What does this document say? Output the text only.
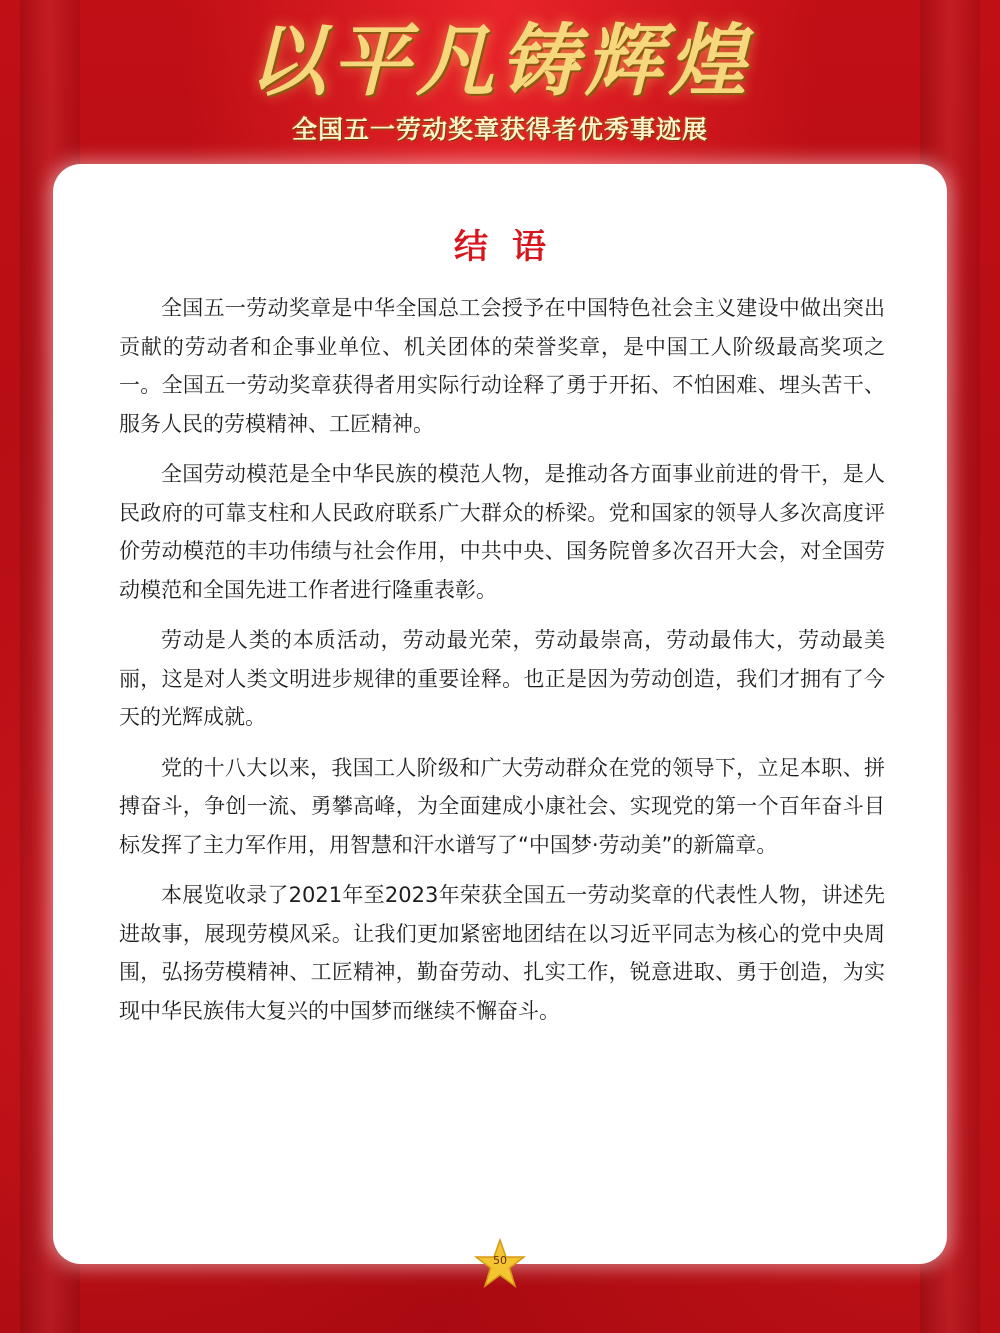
以平凡铸辉煌
全国五一劳动奖章获得者优秀事迹展
结语

全国五一劳动奖章是中华全国总工会授予在中国特色社会主义建设中做出突出贡献的劳动者和企事业单位、机关团体的荣誉奖章，是中国工人阶级最高奖项之一。全国五一劳动奖章获得者用实际行动诠释了勇于开拓、不怕困难、埋头苦干、服务人民的劳模精神、工匠精神。

全国劳动模范是全中华民族的模范人物，是推动各方面事业前进的骨干，是人民政府的可靠支柱和人民政府联系广大群众的桥梁。党和国家的领导人多次高度评价劳动模范的丰功伟绩与社会作用，中共中央、国务院曾多次召开大会，对全国劳动模范和全国先进工作者进行隆重表彰。

劳动是人类的本质活动，劳动最光荣，劳动最崇高，劳动最伟大，劳动最美丽，这是对人类文明进步规律的重要诠释。也正是因为劳动创造，我们才拥有了今天的光辉成就。

党的十八大以来，我国工人阶级和广大劳动群众在党的领导下，立足本职、拼搏奋斗，争创一流、勇攀高峰，为全面建成小康社会、实现党的第一个百年奋斗目标发挥了主力军作用，用智慧和汗水谱写了“中国梦·劳动美”的新篇章。

本展览收录了2021年至2023年荣获全国五一劳动奖章的代表性人物，讲述先进故事，展现劳模风采。让我们更加紧密地团结在以习近平同志为核心的党中央周围，弘扬劳模精神、工匠精神，勤奋劳动、扎实工作，锐意进取、勇于创造，为实现中华民族伟大复兴的中国梦而继续不懈奋斗。

50
